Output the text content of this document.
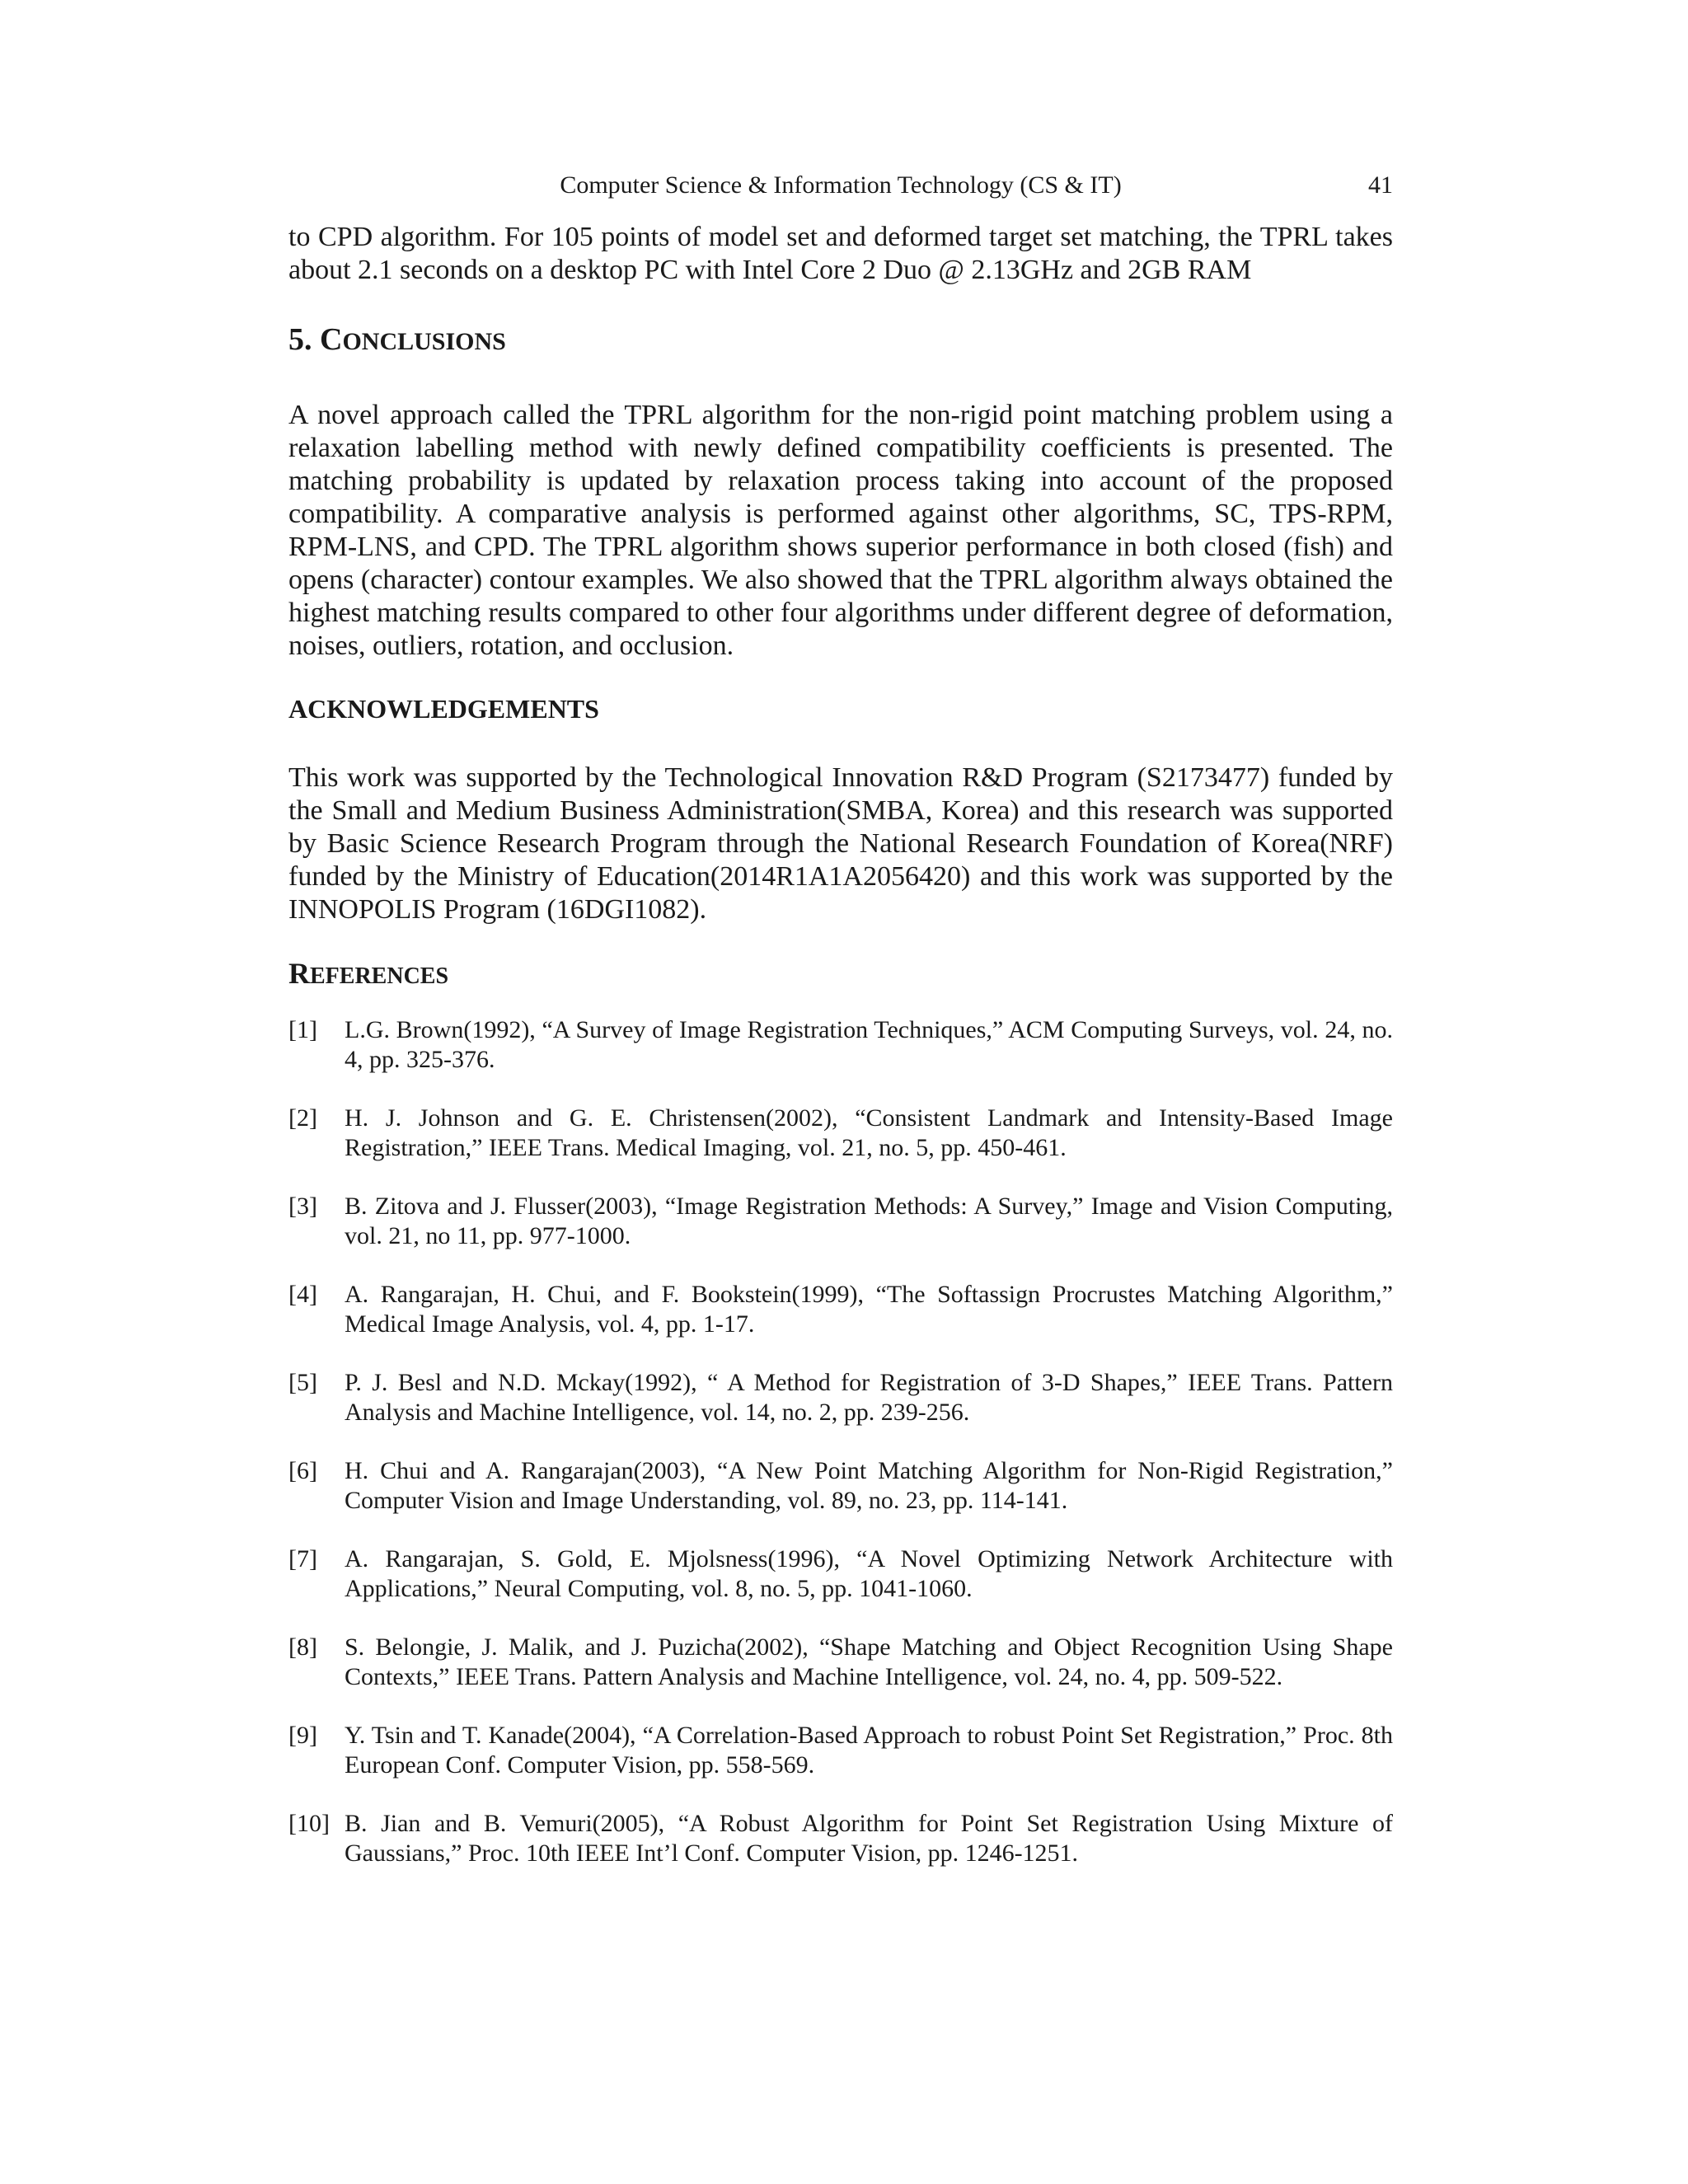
Computer Science & Information Technology (CS & IT)	41

to CPD algorithm. For 105 points of model set and deformed target set matching, the TPRL takes about 2.1 seconds on a desktop PC with Intel Core 2 Duo @ 2.13GHz and 2GB RAM

5. CONCLUSIONS

A novel approach called the TPRL algorithm for the non-rigid point matching problem using a relaxation labelling method with newly defined compatibility coefficients is presented. The matching probability is updated by relaxation process taking into account of the proposed compatibility. A comparative analysis is performed against other algorithms, SC, TPS-RPM, RPM-LNS, and CPD. The TPRL algorithm shows superior performance in both closed (fish) and opens (character) contour examples. We also showed that the TPRL algorithm always obtained the highest matching results compared to other four algorithms under different degree of deformation, noises, outliers, rotation, and occlusion.

ACKNOWLEDGEMENTS

This work was supported by the Technological Innovation R&D Program (S2173477) funded by the Small and Medium Business Administration(SMBA, Korea) and this research was supported by Basic Science Research Program through the National Research Foundation of Korea(NRF) funded by the Ministry of Education(2014R1A1A2056420) and this work was supported by the INNOPOLIS Program (16DGI1082).

REFERENCES
[1] L.G. Brown(1992), “A Survey of Image Registration Techniques,” ACM Computing Surveys, vol. 24, no. 4, pp. 325-376.
[2] H. J. Johnson and G. E. Christensen(2002), “Consistent Landmark and Intensity-Based Image Registration,” IEEE Trans. Medical Imaging, vol. 21, no. 5, pp. 450-461.
[3] B. Zitova and J. Flusser(2003), “Image Registration Methods: A Survey,” Image and Vision Computing, vol. 21, no 11, pp. 977-1000.
[4] A. Rangarajan, H. Chui, and F. Bookstein(1999), “The Softassign Procrustes Matching Algorithm,” Medical Image Analysis, vol. 4, pp. 1-17.
[5] P. J. Besl and N.D. Mckay(1992), “ A Method for Registration of 3-D Shapes,” IEEE Trans. Pattern Analysis and Machine Intelligence, vol. 14, no. 2, pp. 239-256.
[6] H. Chui and A. Rangarajan(2003), “A New Point Matching Algorithm for Non-Rigid Registration,” Computer Vision and Image Understanding, vol. 89, no. 23, pp. 114-141.
[7] A. Rangarajan, S. Gold, E. Mjolsness(1996), “A Novel Optimizing Network Architecture with Applications,” Neural Computing, vol. 8, no. 5, pp. 1041-1060.
[8] S. Belongie, J. Malik, and J. Puzicha(2002), “Shape Matching and Object Recognition Using Shape Contexts,” IEEE Trans. Pattern Analysis and Machine Intelligence, vol. 24, no. 4, pp. 509-522.
[9] Y. Tsin and T. Kanade(2004), “A Correlation-Based Approach to robust Point Set Registration,” Proc. 8th European Conf. Computer Vision, pp. 558-569.
[10] B. Jian and B. Vemuri(2005), “A Robust Algorithm for Point Set Registration Using Mixture of Gaussians,” Proc. 10th IEEE Int’l Conf. Computer Vision, pp. 1246-1251.
